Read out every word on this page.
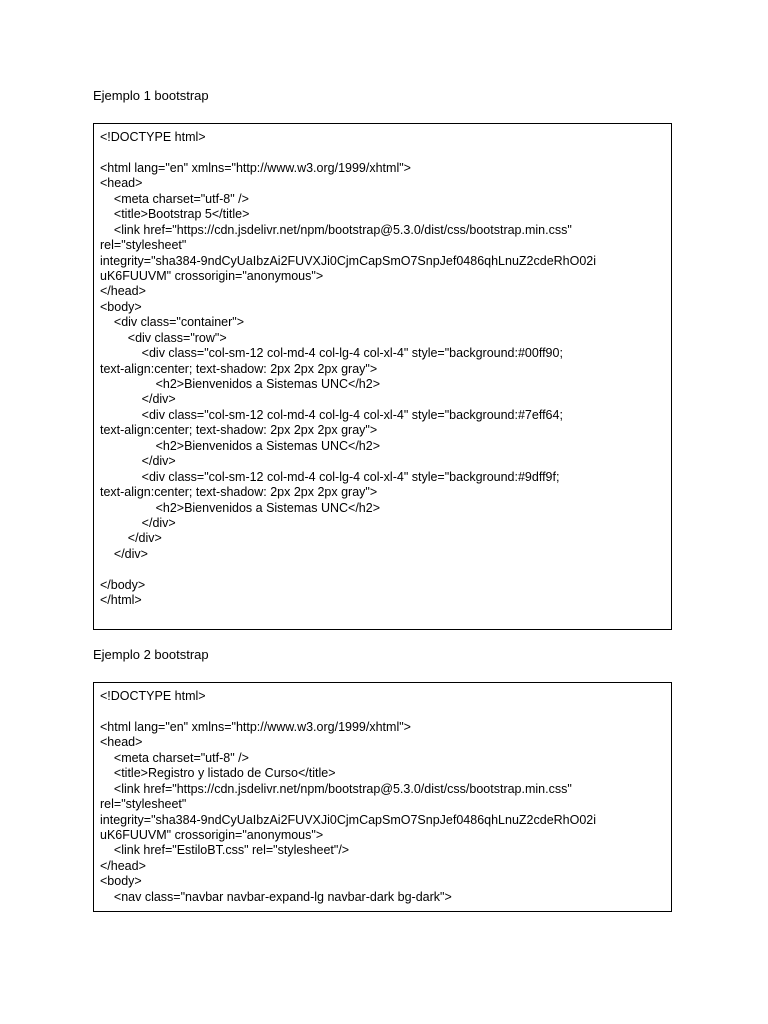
Ejemplo 1 bootstrap
<!DOCTYPE html>
<html lang="en" xmlns="http://www.w3.org/1999/xhtml">
<head>
<meta charset="utf-8" />
<title>Bootstrap 5</title>
<link href="https://cdn.jsdelivr.net/npm/bootstrap@5.3.0/dist/css/bootstrap.min.css"
rel="stylesheet"
integrity="sha384-9ndCyUaIbzAi2FUVXJi0CjmCapSmO7SnpJef0486qhLnuZ2cdeRhO02i
uK6FUUVM" crossorigin="anonymous">
</head>
<body>
<div class="container">
<div class="row">
<div class="col-sm-12 col-md-4 col-lg-4 col-xl-4" style="background:#00ff90;
text-align:center; text-shadow: 2px 2px 2px gray">
<h2>Bienvenidos a Sistemas UNC</h2>
</div>
<div class="col-sm-12 col-md-4 col-lg-4 col-xl-4" style="background:#7eff64;
text-align:center; text-shadow: 2px 2px 2px gray">
<h2>Bienvenidos a Sistemas UNC</h2>
</div>
<div class="col-sm-12 col-md-4 col-lg-4 col-xl-4" style="background:#9dff9f;
text-align:center; text-shadow: 2px 2px 2px gray">
<h2>Bienvenidos a Sistemas UNC</h2>
</div>
</div>
</div>
</body>
</html>
Ejemplo 2 bootstrap
<!DOCTYPE html>
<html lang="en" xmlns="http://www.w3.org/1999/xhtml">
<head>
<meta charset="utf-8" />
<title>Registro y listado de Curso</title>
<link href="https://cdn.jsdelivr.net/npm/bootstrap@5.3.0/dist/css/bootstrap.min.css"
rel="stylesheet"
integrity="sha384-9ndCyUaIbzAi2FUVXJi0CjmCapSmO7SnpJef0486qhLnuZ2cdeRhO02i
uK6FUUVM" crossorigin="anonymous">
<link href="EstiloBT.css" rel="stylesheet"/>
</head>
<body>
<nav class="navbar navbar-expand-lg navbar-dark bg-dark">
